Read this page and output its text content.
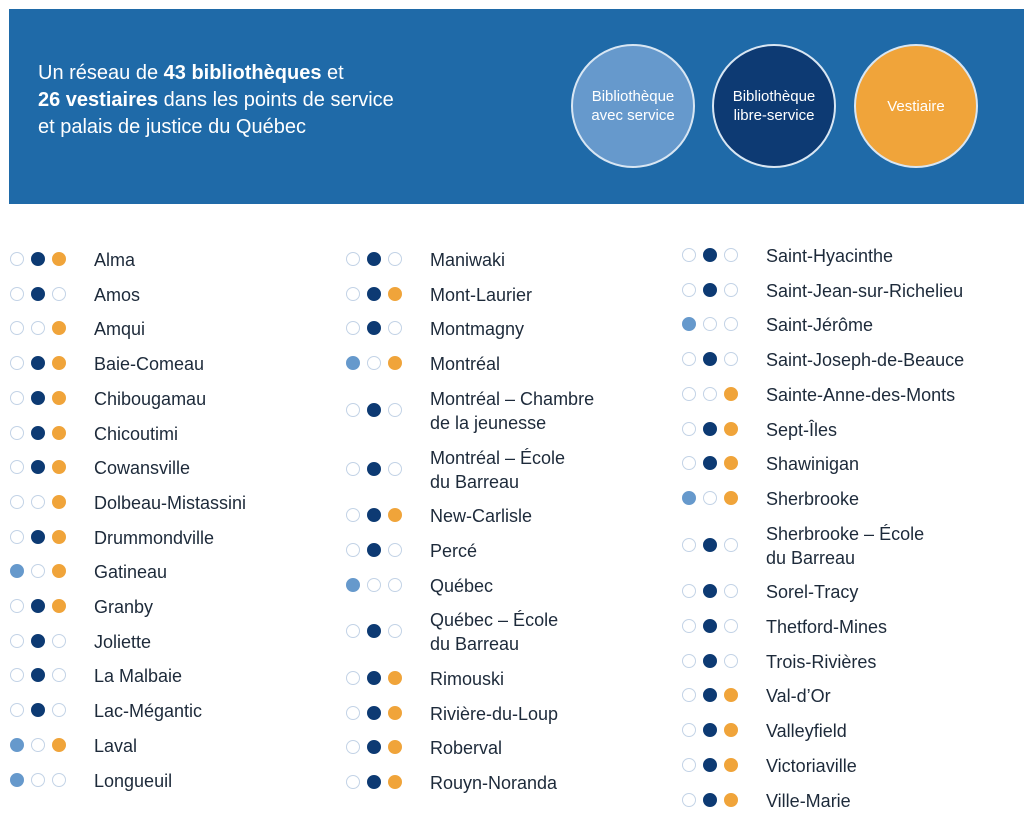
Un réseau de 43 bibliothèques et
26 vestiaires dans les points de service
et palais de justice du Québec
Bibliothèque
avec service
Bibliothèque
libre-service
Vestiaire
Alma
Amos
Amqui
Baie-Comeau
Chibougamau
Chicoutimi
Cowansville
Dolbeau-Mistassini
Drummondville
Gatineau
Granby
Joliette
La Malbaie
Lac-Mégantic
Laval
Longueuil
Maniwaki
Mont-Laurier
Montmagny
Montréal
Montréal – Chambre
de la jeunesse
Montréal – École
du Barreau
New-Carlisle
Percé
Québec
Québec – École
du Barreau
Rimouski
Rivière-du-Loup
Roberval
Rouyn-Noranda
Saint-Hyacinthe
Saint-Jean-sur-Richelieu
Saint-Jérôme
Saint-Joseph-de-Beauce
Sainte-Anne-des-Monts
Sept-Îles
Shawinigan
Sherbrooke
Sherbrooke – École
du Barreau
Sorel-Tracy
Thetford-Mines
Trois-Rivières
Val-d’Or
Valleyfield
Victoriaville
Ville-Marie
